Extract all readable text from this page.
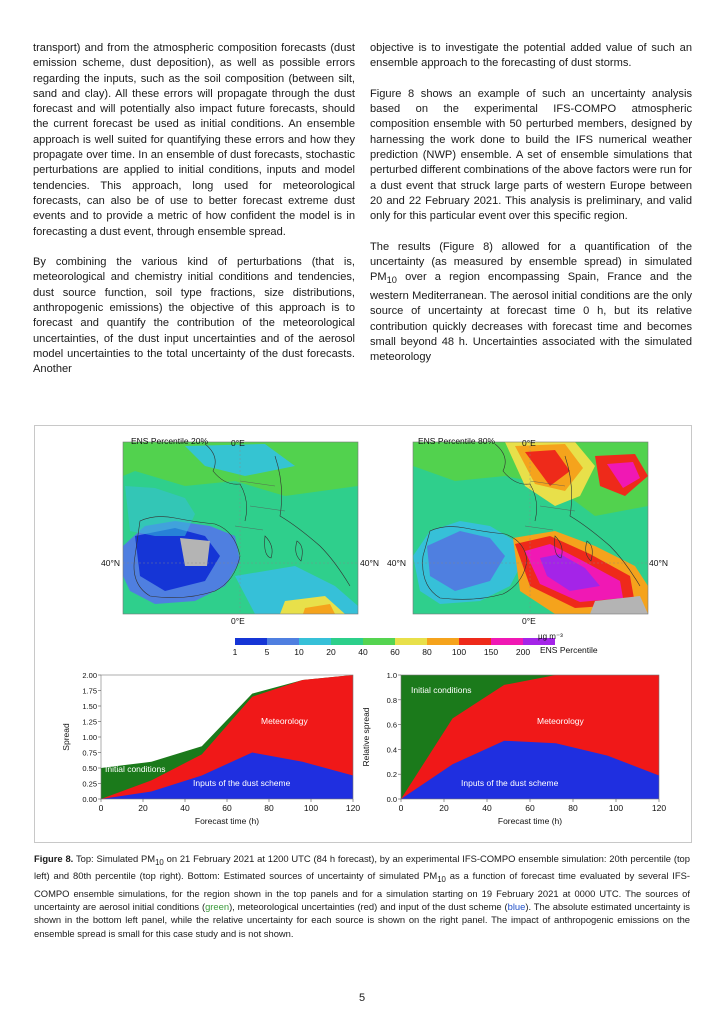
transport) and from the atmospheric composition forecasts (dust emission scheme, dust deposition), as well as possible errors regarding the inputs, such as the soil composition (between silt, sand and clay). All these errors will propagate through the dust forecast and will potentially also impact future forecasts, should the current forecast be used as initial conditions. An ensemble approach is well suited for quantifying these errors and how they propagate over time. In an ensemble of dust forecasts, stochastic perturbations are applied to initial conditions, inputs and model tendencies. This approach, long used for meteorological forecasts, can also be of use to better forecast extreme dust events and to provide a metric of how confident the model is in forecasting a dust event, through ensemble spread.

By combining the various kind of perturbations (that is, meteorological and chemistry initial conditions and tendencies, dust source function, soil type fractions, size distributions, anthropogenic emissions) the objective of this approach is to forecast and quantify the contribution of the meteorological uncertainties, of the dust input uncertainties and of the aerosol model uncertainties to the total uncertainty of the dust forecasts. Another

objective is to investigate the potential added value of such an ensemble approach to the forecasting of dust storms.

Figure 8 shows an example of such an uncertainty analysis based on the experimental IFS-COMPO atmospheric composition ensemble with 50 perturbed members, designed by harnessing the work done to build the IFS numerical weather prediction (NWP) ensemble. A set of ensemble simulations that perturbed different combinations of the above factors were run for a dust event that struck large parts of western Europe between 20 and 22 February 2021. This analysis is preliminary, and valid only for this particular event over this specific region.

The results (Figure 8) allowed for a quantification of the uncertainty (as measured by ensemble spread) in simulated $PM_{10}$ over a region encompassing Spain, France and the western Mediterranean. The aerosol initial conditions are the only source of uncertainty at forecast time 0 h, but its relative contribution quickly decreases with forecast time and becomes small beyond 48 h. Uncertainties associated with the simulated meteorology

ENS Percentile 20%	0°E	ENS Percentile 80%	0°E
40°N	40°N 40°N	40°N
0°E	0°E
1	5	10	20	40	60	80 100 150 200
μg m⁻³
ENS Percentile
0	20	40	60	80	100	120
0.00
0.25
0.50
0.75
1.00
1.25
1.50
1.75
2.00
Forecast time (h)
Spread
Initial conditions
Meteorology
Inputs of the dust scheme
0	20	40	60	80	100	120
0.0
0.2
0.4
0.6
0.8
1.0
Forecast time (h)
Relative spread
Initial conditions
Meteorology
Inputs of the dust scheme
Figure 8. Top: Simulated $PM_{10}$ on 21 February 2021 at 1200 UTC (84 h forecast), by an experimental IFS-COMPO ensemble simulation: 20th percentile (top left) and 80th percentile (top right). Bottom: Estimated sources of uncertainty of simulated $PM_{10}$ as a function of forecast time evaluated by several IFS-COMPO ensemble simulations, for the region shown in the top panels and for a simulation starting on 19 February 2021 at 0000 UTC. The sources of uncertainty are aerosol initial conditions (green), meteorological uncertainties (red) and input of the dust scheme (blue). The absolute estimated uncertainty is shown in the bottom left panel, while the relative uncertainty for each source is shown on the right panel. The impact of anthropogenic emissions on the ensemble spread is small for this case study and is not shown.
5
